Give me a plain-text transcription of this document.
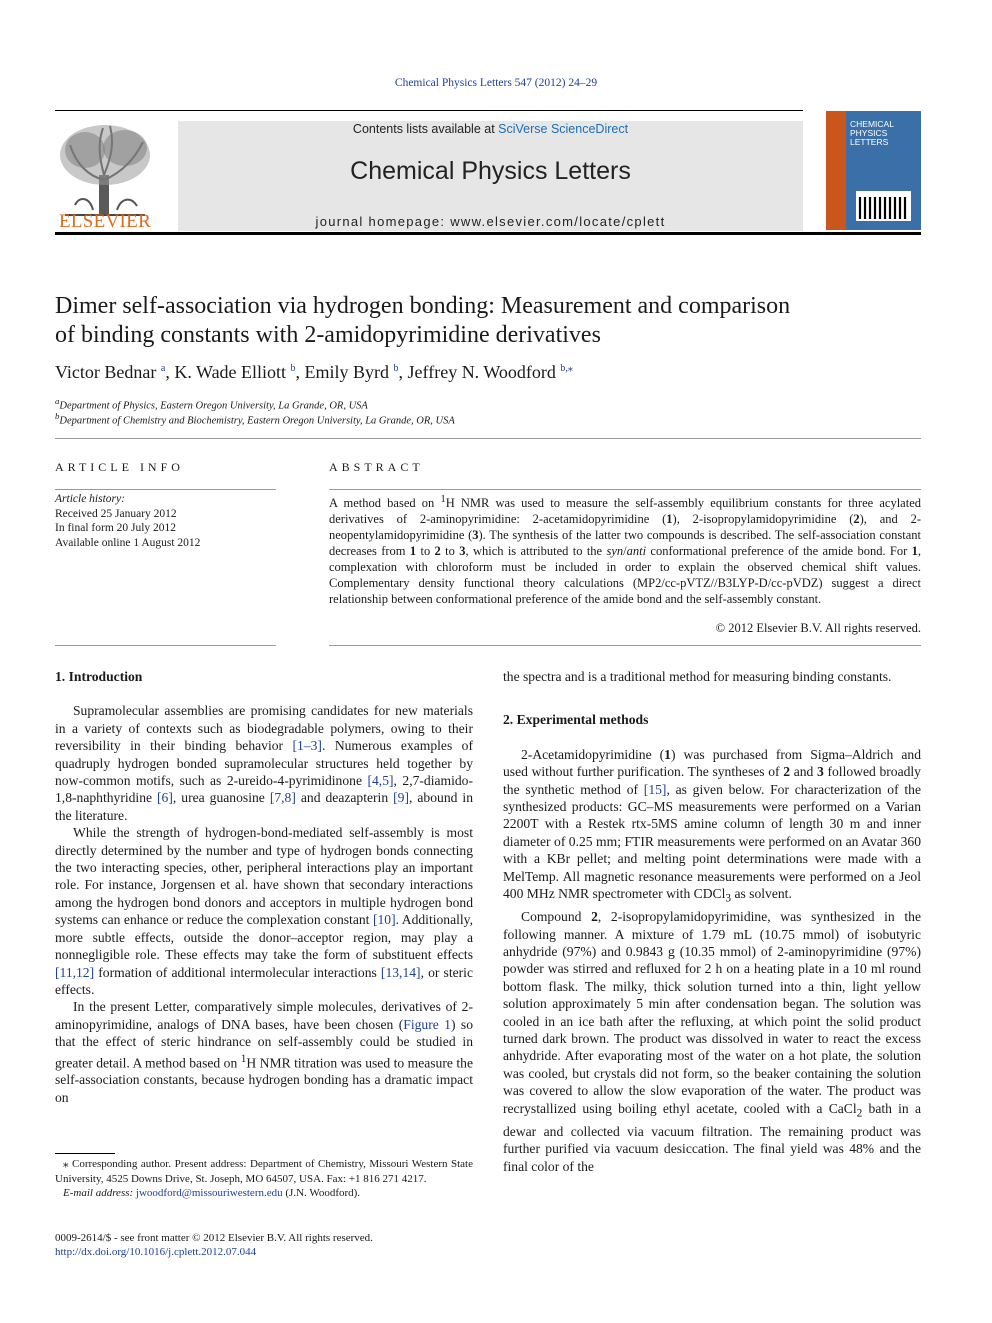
Chemical Physics Letters 547 (2012) 24–29
ELSEVIER
Contents lists available at SciVerse ScienceDirect
Chemical Physics Letters
journal homepage: www.elsevier.com/locate/cplett
CHEMICAL
PHYSICS
LETTERS
Dimer self-association via hydrogen bonding: Measurement and comparison
of binding constants with 2-amidopyrimidine derivatives
Victor Bednar $^a$, K. Wade Elliott $^b$, Emily Byrd $^b$, Jeffrey N. Woodford $^{b,⁎}$
$^a$Department of Physics, Eastern Oregon University, La Grande, OR, USA
$^b$Department of Chemistry and Biochemistry, Eastern Oregon University, La Grande, OR, USA
ARTICLE INFO
Article history:
Received 25 January 2012
In final form 20 July 2012
Available online 1 August 2012
ABSTRACT
A method based on $^1$H NMR was used to measure the self-assembly equilibrium constants for three acylated derivatives of 2-aminopyrimidine: 2-acetamidopyrimidine (1), 2-isopropylamidopyrimidine (2), and 2-neopentylamidopyrimidine (3). The synthesis of the latter two compounds is described. The self-association constant decreases from 1 to 2 to 3, which is attributed to the syn/anti conformational preference of the amide bond. For 1, complexation with chloroform must be included in order to explain the observed chemical shift values. Complementary density functional theory calculations (MP2/cc-pVTZ//B3LYP-D/cc-pVDZ) suggest a direct relationship between conformational preference of the amide bond and the self-assembly constant.
© 2012 Elsevier B.V. All rights reserved.
1. Introduction

Supramolecular assemblies are promising candidates for new materials in a variety of contexts such as biodegradable polymers, owing to their reversibility in their binding behavior [1–3]. Numerous examples of quadruply hydrogen bonded supramolecular structures held together by now-common motifs, such as 2-ureido-4-pyrimidinone [4,5], 2,7-diamido-1,8-naphthyridine [6], urea guanosine [7,8] and deazapterin [9], abound in the literature.

While the strength of hydrogen-bond-mediated self-assembly is most directly determined by the number and type of hydrogen bonds connecting the two interacting species, other, peripheral interactions play an important role. For instance, Jorgensen et al. have shown that secondary interactions among the hydrogen bond donors and acceptors in multiple hydrogen bond systems can enhance or reduce the complexation constant [10]. Additionally, more subtle effects, outside the donor–acceptor region, may play a nonnegligible role. These effects may take the form of substituent effects [11,12] formation of additional intermolecular interactions [13,14], or steric effects.

In the present Letter, comparatively simple molecules, derivatives of 2-aminopyrimidine, analogs of DNA bases, have been chosen (Figure 1) so that the effect of steric hindrance on self-assembly could be studied in greater detail. A method based on $^1$H NMR titration was used to measure the self-association constants, because hydrogen bonding has a dramatic impact on

the spectra and is a traditional method for measuring binding constants.

2. Experimental methods

2-Acetamidopyrimidine (1) was purchased from Sigma–Aldrich and used without further purification. The syntheses of 2 and 3 followed broadly the synthetic method of [15], as given below. For characterization of the synthesized products: GC–MS measurements were performed on a Varian 2200T with a Restek rtx-5MS amine column of length 30 m and inner diameter of 0.25 mm; FTIR measurements were performed on an Avatar 360 with a KBr pellet; and melting point determinations were made with a MelTemp. All magnetic resonance measurements were performed on a Jeol 400 MHz NMR spectrometer with CDCl$_3$ as solvent.

Compound 2, 2-isopropylamidopyrimidine, was synthesized in the following manner. A mixture of 1.79 mL (10.75 mmol) of isobutyric anhydride (97%) and 0.9843 g (10.35 mmol) of 2-aminopyrimidine (97%) powder was stirred and refluxed for 2 h on a heating plate in a 10 ml round bottom flask. The milky, thick solution turned into a thin, light yellow solution approximately 5 min after condensation began. The solution was cooled in an ice bath after the refluxing, at which point the solid product turned dark brown. The product was dissolved in water to react the excess anhydride. After evaporating most of the water on a hot plate, the solution was cooled, but crystals did not form, so the beaker containing the solution was covered to allow the slow evaporation of the water. The product was recrystallized using boiling ethyl acetate, cooled with a CaCl$_2$ bath in a dewar and collected via vacuum filtration. The remaining product was further purified via vacuum desiccation. The final yield was 48% and the final color of the

⁎ Corresponding author. Present address: Department of Chemistry, Missouri Western State University, 4525 Downs Drive, St. Joseph, MO 64507, USA. Fax: +1 816 271 4217.

E-mail address: jwoodford@missouriwestern.edu (J.N. Woodford).

0009-2614/$ - see front matter © 2012 Elsevier B.V. All rights reserved.
http://dx.doi.org/10.1016/j.cplett.2012.07.044
